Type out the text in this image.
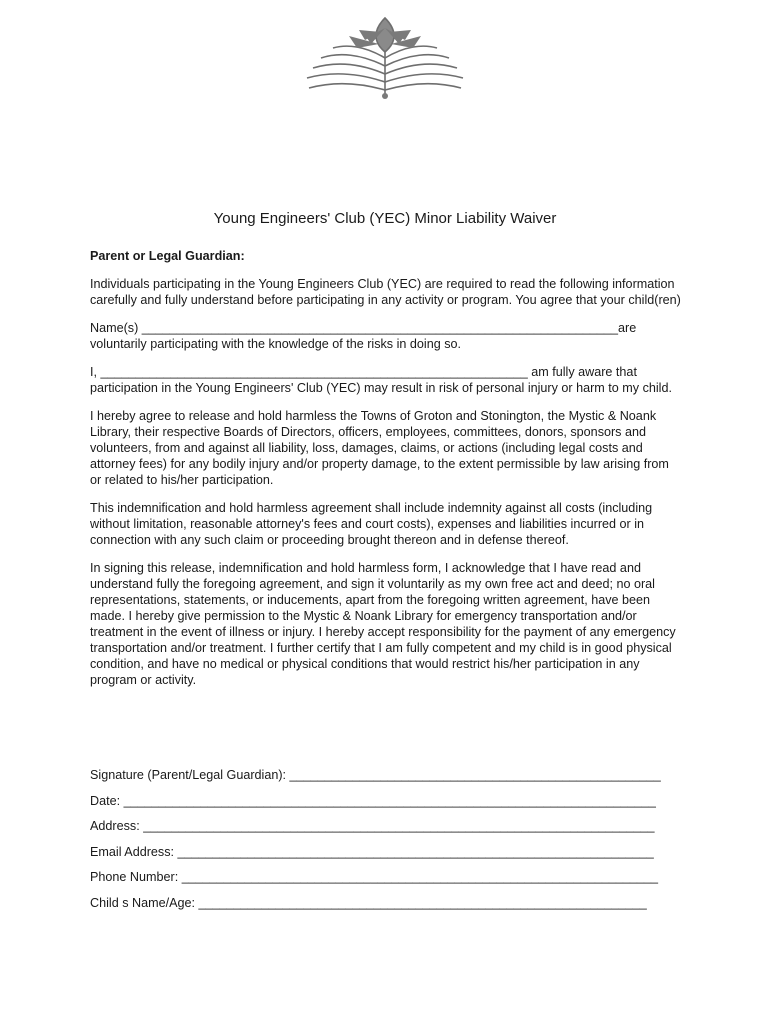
Young Engineers' Club (YEC) Minor Liability Waiver

Parent or Legal Guardian:

Individuals participating in the Young Engineers Club (YEC) are required to read the following information carefully and fully understand before participating in any activity or program. You agree that your child(ren)

Name(s) ____________________________________________________________________are voluntarily participating with the knowledge of the risks in doing so.

I, _____________________________________________________________ am fully aware that participation in the Young Engineers' Club (YEC) may result in risk of personal injury or harm to my child.

I hereby agree to release and hold harmless the Towns of Groton and Stonington, the Mystic & Noank Library, their respective Boards of Directors, officers, employees, committees, donors, sponsors and volunteers, from and against all liability, loss, damages, claims, or actions (including legal costs and attorney fees) for any bodily injury and/or property damage, to the extent permissible by law arising from or related to his/her participation.

This indemnification and hold harmless agreement shall include indemnity against all costs (including without limitation, reasonable attorney's fees and court costs), expenses and liabilities incurred or in connection with any such claim or proceeding brought thereon and in defense thereof.

In signing this release, indemnification and hold harmless form, I acknowledge that I have read and understand fully the foregoing agreement, and sign it voluntarily as my own free act and deed; no oral representations, statements, or inducements, apart from the foregoing written agreement, have been made. I hereby give permission to the Mystic & Noank Library for emergency transportation and/or treatment in the event of illness or injury. I hereby accept responsibility for the payment of any emergency transportation and/or treatment. I further certify that I am fully competent and my child is in good physical condition, and have no medical or physical conditions that would restrict his/her participation in any program or activity.

Signature (Parent/Legal Guardian): _____________________________________________________
Date: ____________________________________________________________________________
Address: _________________________________________________________________________
Email Address: ____________________________________________________________________
Phone Number: ____________________________________________________________________
Child s Name/Age: ________________________________________________________________
